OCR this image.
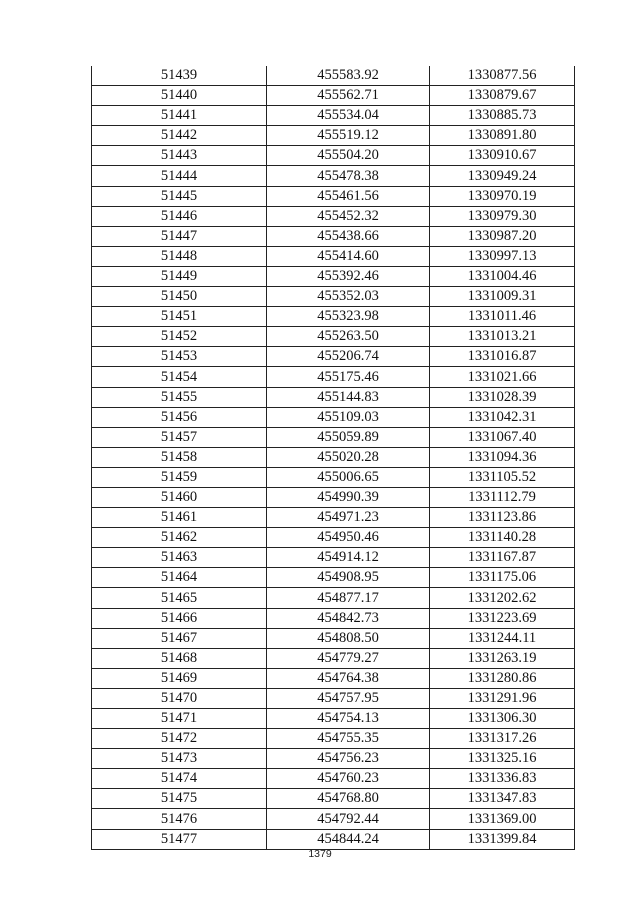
51439	455583.92	1330877.56
51440	455562.71	1330879.67
51441	455534.04	1330885.73
51442	455519.12	1330891.80
51443	455504.20	1330910.67
51444	455478.38	1330949.24
51445	455461.56	1330970.19
51446	455452.32	1330979.30
51447	455438.66	1330987.20
51448	455414.60	1330997.13
51449	455392.46	1331004.46
51450	455352.03	1331009.31
51451	455323.98	1331011.46
51452	455263.50	1331013.21
51453	455206.74	1331016.87
51454	455175.46	1331021.66
51455	455144.83	1331028.39
51456	455109.03	1331042.31
51457	455059.89	1331067.40
51458	455020.28	1331094.36
51459	455006.65	1331105.52
51460	454990.39	1331112.79
51461	454971.23	1331123.86
51462	454950.46	1331140.28
51463	454914.12	1331167.87
51464	454908.95	1331175.06
51465	454877.17	1331202.62
51466	454842.73	1331223.69
51467	454808.50	1331244.11
51468	454779.27	1331263.19
51469	454764.38	1331280.86
51470	454757.95	1331291.96
51471	454754.13	1331306.30
51472	454755.35	1331317.26
51473	454756.23	1331325.16
51474	454760.23	1331336.83
51475	454768.80	1331347.83
51476	454792.44	1331369.00
51477	454844.24	1331399.84
1379
